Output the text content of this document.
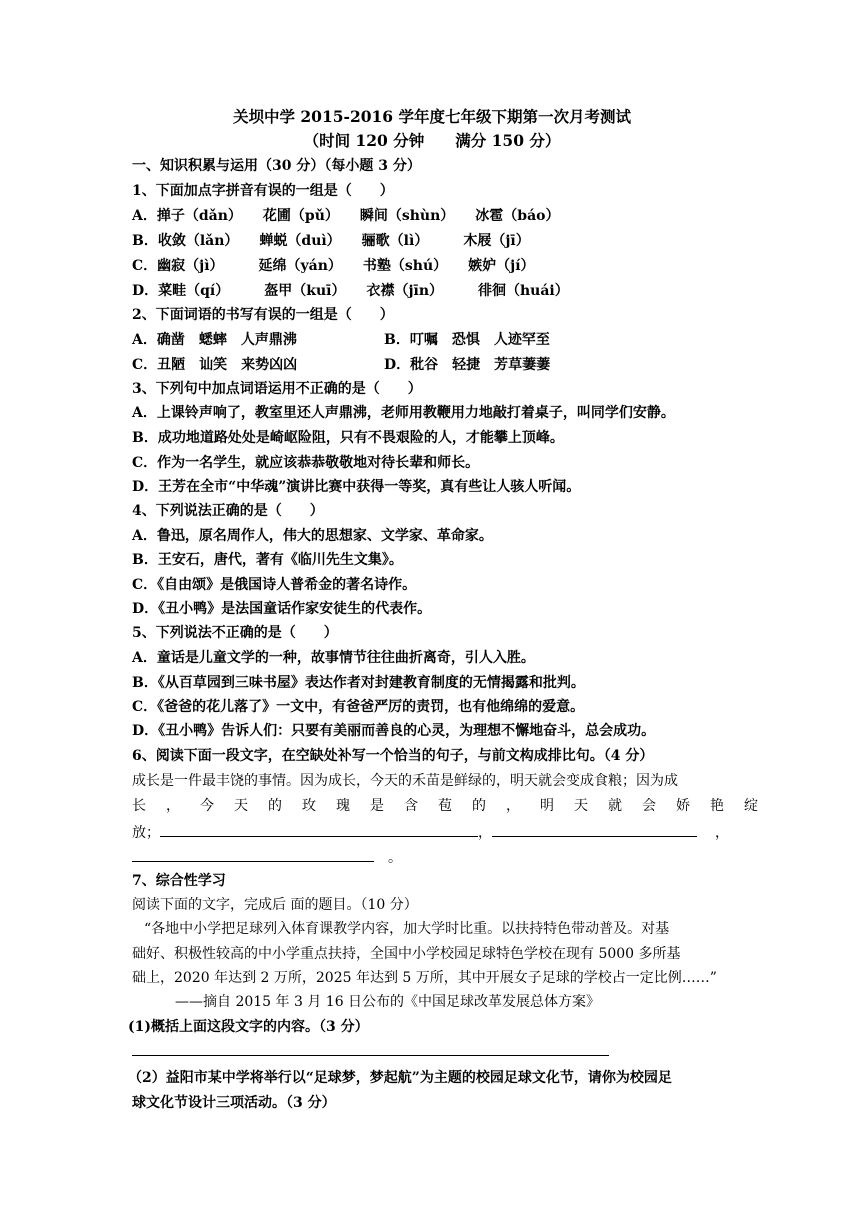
关坝中学 2015-2016 学年度七年级下期第一次月考测试
（时间 120 分钟　　满分 150 分）
一、知识积累与运用（30 分）（每小题 3 分）
1、下面加点字拼音有误的一组是（　　）
A．掸子（dǎn）　　花圃（pǔ）　　瞬间（shùn）　　冰雹（báo）
B．收敛（lǎn）　　蝉蜕（duì）　　骊歌（lì）　　　木屐（jī）
C．幽寂（jì）　　　延绵（yán）　　书塾（shú）　　嫉妒（jí）
D．菜畦（qí）　　　盔甲（kuī）　　衣襟（jīn）　　　徘徊（huái）
2、下面词语的书写有误的一组是（　　）
A．确凿　蟋蟀　人声鼎沸	B．叮嘱　恐惧　人迹罕至
C．丑陋　讪笑　来势凶凶	D．秕谷　轻捷　芳草萋萋
3、下列句中加点词语运用不正确的是（　　）
A．上课铃声响了，教室里还人声鼎沸，老师用教鞭用力地敲打着桌子，叫同学们安静。
B．成功地道路处处是崎岖险阻，只有不畏艰险的人，才能攀上顶峰。
C．作为一名学生，就应该恭恭敬敬地对待长辈和师长。
D．王芳在全市“中华魂”演讲比赛中获得一等奖，真有些让人骇人听闻。
4、下列说法正确的是（　　）
A．鲁迅，原名周作人，伟大的思想家、文学家、革命家。
B．王安石，唐代，著有《临川先生文集》。
C．《自由颂》是俄国诗人普希金的著名诗作。
D．《丑小鸭》是法国童话作家安徒生的代表作。
5、下列说法不正确的是（　　）
A．童话是儿童文学的一种，故事情节往往曲折离奇，引人入胜。
B．《从百草园到三味书屋》表达作者对封建教育制度的无情揭露和批判。
C．《爸爸的花儿落了》一文中，有爸爸严厉的责罚，也有他绵绵的爱意。
D．《丑小鸭》告诉人们：只要有美丽而善良的心灵，为理想不懈地奋斗，总会成功。
6、阅读下面一段文字，在空缺处补写一个恰当的句子，与前文构成排比句。（4 分）
成长是一件最丰饶的事情。因为成长，今天的禾苗是鲜绿的，明天就会变成食粮；因为成
长，今天的玫瑰是含苞的，明天就会娇艳绽
放；	，	，
。
7、综合性学习
阅读下面的文字，完成后 面的题目。（10 分）
“各地中小学把足球列入体育课教学内容，加大学时比重。以扶持特色带动普及。对基
础好、积极性较高的中小学重点扶持，全国中小学校园足球特色学校在现有 5000 多所基
础上，2020 年达到 2 万所，2025 年达到 5 万所，其中开展女子足球的学校占一定比例……”
——摘自 2015 年 3 月 16 日公布的《中国足球改革发展总体方案》
(1)概括上面这段文字的内容。（3 分）
（2）益阳市某中学将举行以“足球梦，梦起航”为主题的校园足球文化节，请你为校园足
球文化节设计三项活动。（3 分）
